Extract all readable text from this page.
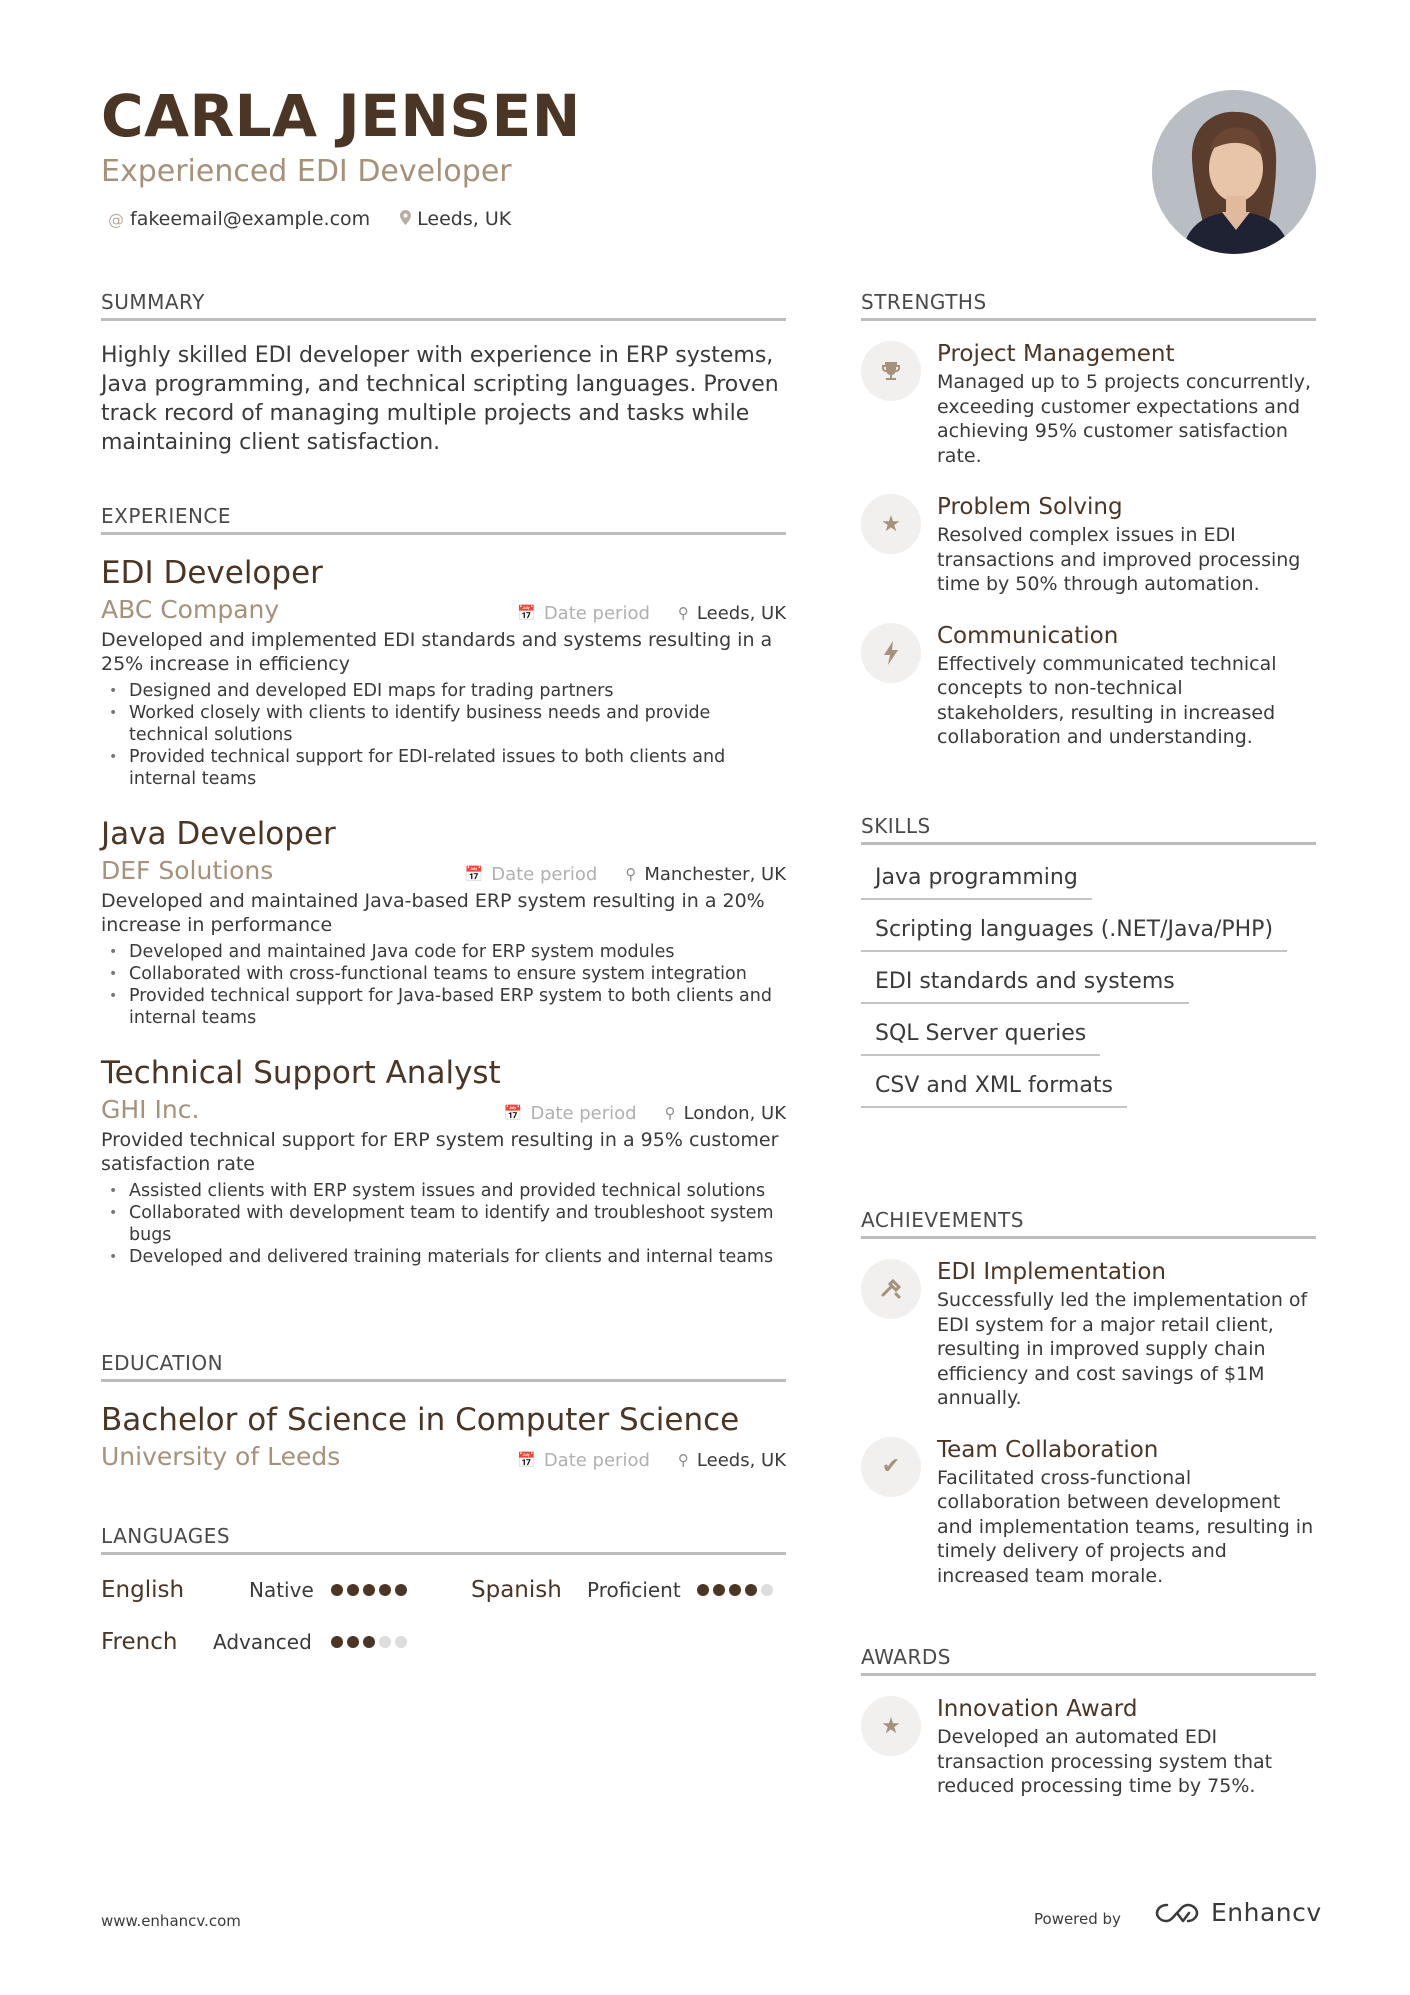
CARLA JENSEN
Experienced EDI Developer
@ fakeemail@example.com Leeds, UK
SUMMARY
Highly skilled EDI developer with experience in ERP systems, Java programming, and technical scripting languages. Proven track record of managing multiple projects and tasks while maintaining client satisfaction.
EXPERIENCE
EDI Developer
ABC Company	📅 Date period ⚲ Leeds, UK
Developed and implemented EDI standards and systems resulting in a 25% increase in efficiency
• Designed and developed EDI maps for trading partners
• Worked closely with clients to identify business needs and provide technical solutions
• Provided technical support for EDI-related issues to both clients and internal teams
Java Developer
DEF Solutions	📅 Date period ⚲ Manchester, UK
Developed and maintained Java-based ERP system resulting in a 20% increase in performance
• Developed and maintained Java code for ERP system modules
• Collaborated with cross-functional teams to ensure system integration
• Provided technical support for Java-based ERP system to both clients and internal teams
Technical Support Analyst
GHI Inc.	📅 Date period ⚲ London, UK
Provided technical support for ERP system resulting in a 95% customer satisfaction rate
• Assisted clients with ERP system issues and provided technical solutions
• Collaborated with development team to identify and troubleshoot system bugs
• Developed and delivered training materials for clients and internal teams
EDUCATION
Bachelor of Science in Computer Science
University of Leeds	📅 Date period ⚲ Leeds, UK
LANGUAGES
English	Native	Spanish	Proficient
French	Advanced
STRENGTHS
Project Management
Managed up to 5 projects concurrently, exceeding customer expectations and achieving 95% customer satisfaction rate.
★
Problem Solving
Resolved complex issues in EDI transactions and improved processing time by 50% through automation.
Communication
Effectively communicated technical concepts to non-technical stakeholders, resulting in increased collaboration and understanding.
SKILLS
Java programming
Scripting languages (.NET/Java/PHP)
EDI standards and systems
SQL Server queries
CSV and XML formats
ACHIEVEMENTS
EDI Implementation
Successfully led the implementation of EDI system for a major retail client, resulting in improved supply chain efficiency and cost savings of $1M annually.
✔
Team Collaboration
Facilitated cross-functional collaboration between development and implementation teams, resulting in timely delivery of projects and increased team morale.
AWARDS
★
Innovation Award
Developed an automated EDI transaction processing system that reduced processing time by 75%.
www.enhancv.com	Powered by	Enhancv
